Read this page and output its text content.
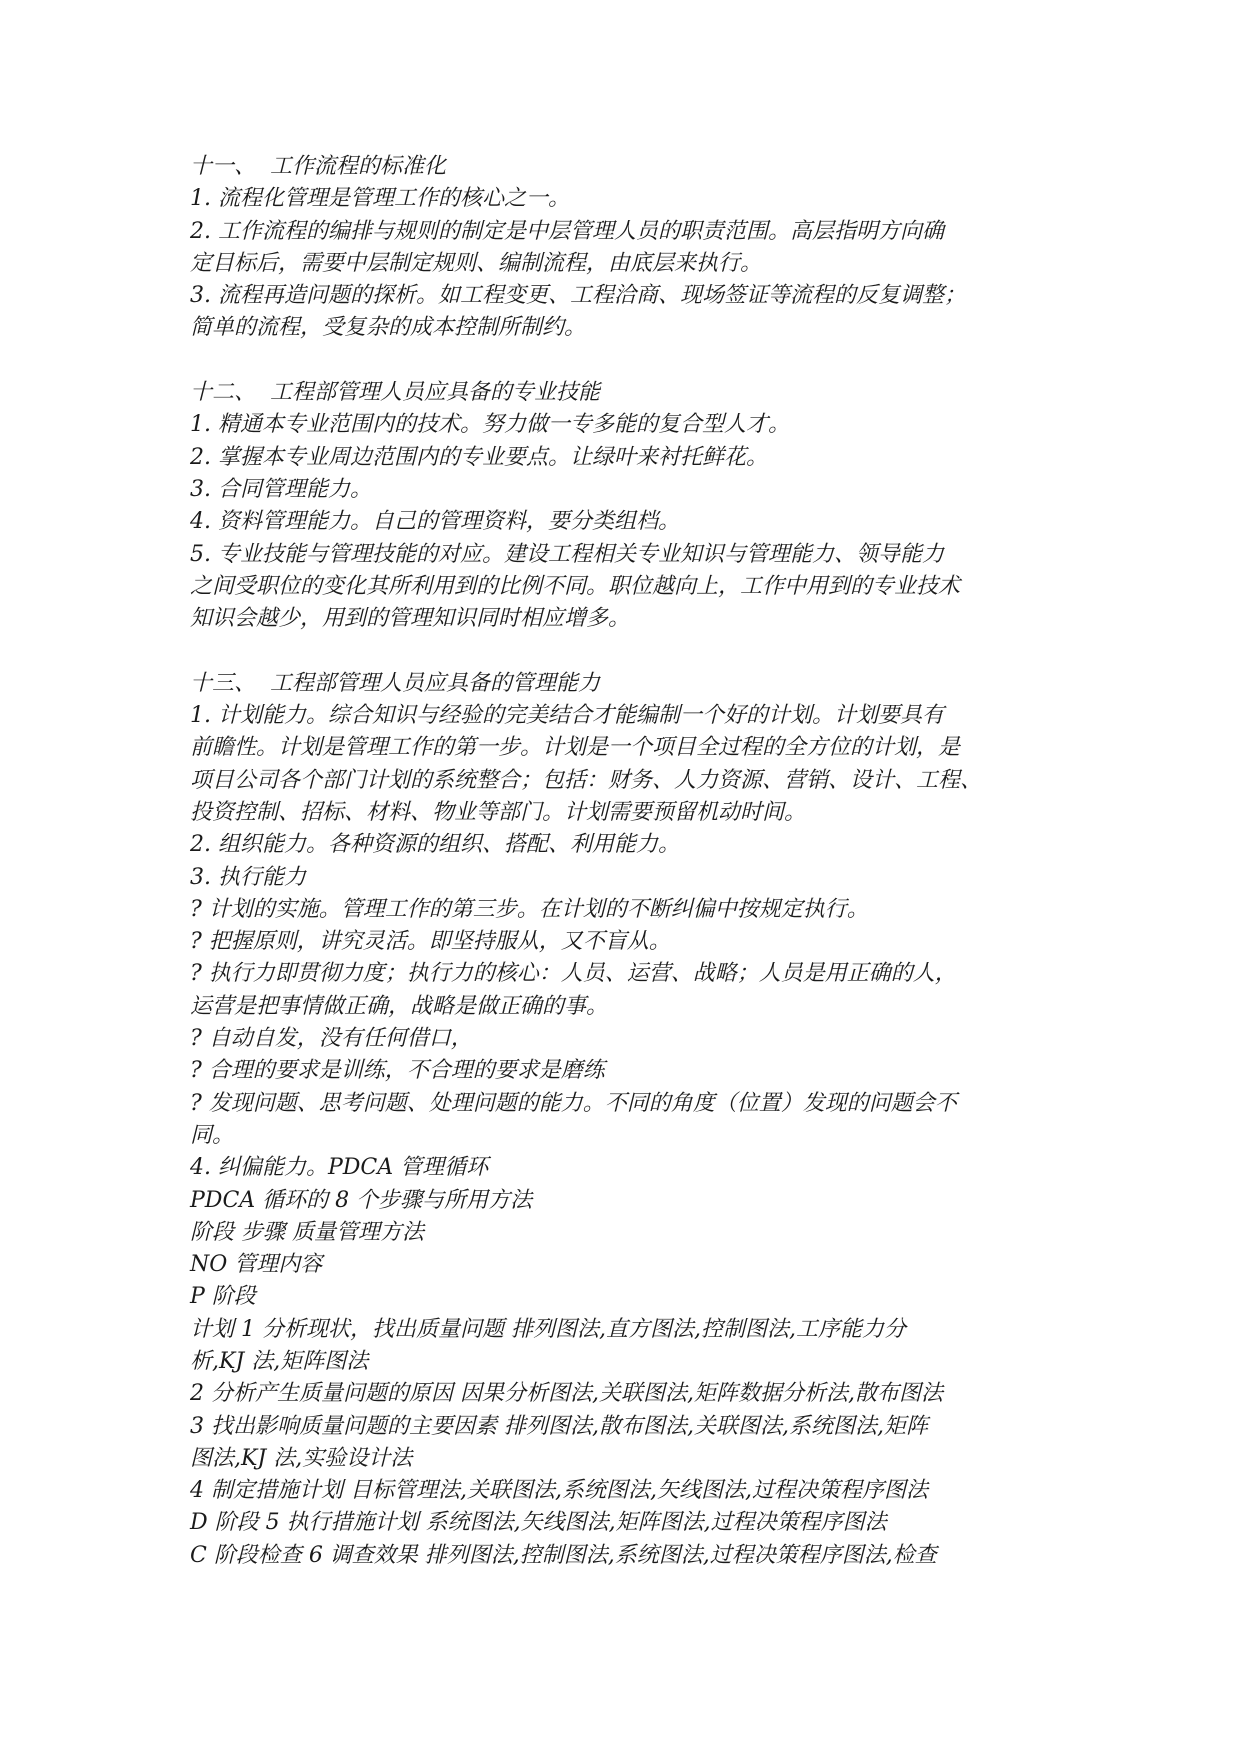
十一、  工作流程的标准化
1. 流程化管理是管理工作的核心之一。
2. 工作流程的编排与规则的制定是中层管理人员的职责范围。高层指明方向确
定目标后，需要中层制定规则、编制流程，由底层来执行。
3. 流程再造问题的探析。如工程变更、工程洽商、现场签证等流程的反复调整；
简单的流程，受复杂的成本控制所制约。
十二、  工程部管理人员应具备的专业技能
1. 精通本专业范围内的技术。努力做一专多能的复合型人才。
2. 掌握本专业周边范围内的专业要点。让绿叶来衬托鲜花。
3. 合同管理能力。
4. 资料管理能力。自己的管理资料，要分类组档。
5. 专业技能与管理技能的对应。建设工程相关专业知识与管理能力、领导能力
之间受职位的变化其所利用到的比例不同。职位越向上，工作中用到的专业技术
知识会越少，用到的管理知识同时相应增多。
十三、  工程部管理人员应具备的管理能力
1. 计划能力。综合知识与经验的完美结合才能编制一个好的计划。计划要具有
前瞻性。计划是管理工作的第一步。计划是一个项目全过程的全方位的计划，是
项目公司各个部门计划的系统整合；包括：财务、人力资源、营销、设计、工程、
投资控制、招标、材料、物业等部门。计划需要预留机动时间。
2. 组织能力。各种资源的组织、搭配、利用能力。
3. 执行能力
? 计划的实施。管理工作的第三步。在计划的不断纠偏中按规定执行。
? 把握原则，讲究灵活。即坚持服从，又不盲从。
? 执行力即贯彻力度；执行力的核心：人员、运营、战略；人员是用正确的人，
运营是把事情做正确，战略是做正确的事。
? 自动自发，没有任何借口，
? 合理的要求是训练，不合理的要求是磨练
? 发现问题、思考问题、处理问题的能力。不同的角度（位置）发现的问题会不
同。
4. 纠偏能力。PDCA 管理循环
PDCA 循环的 8 个步骤与所用方法
阶段 步骤 质量管理方法
NO 管理内容
P 阶段
计划 1 分析现状，找出质量问题 排列图法,直方图法,控制图法,工序能力分
析,KJ 法,矩阵图法
2 分析产生质量问题的原因 因果分析图法,关联图法,矩阵数据分析法,散布图法
3 找出影响质量问题的主要因素 排列图法,散布图法,关联图法,系统图法,矩阵
图法,KJ 法,实验设计法
4 制定措施计划 目标管理法,关联图法,系统图法,矢线图法,过程决策程序图法
D 阶段 5 执行措施计划 系统图法,矢线图法,矩阵图法,过程决策程序图法
C 阶段检查 6 调查效果 排列图法,控制图法,系统图法,过程决策程序图法,检查
